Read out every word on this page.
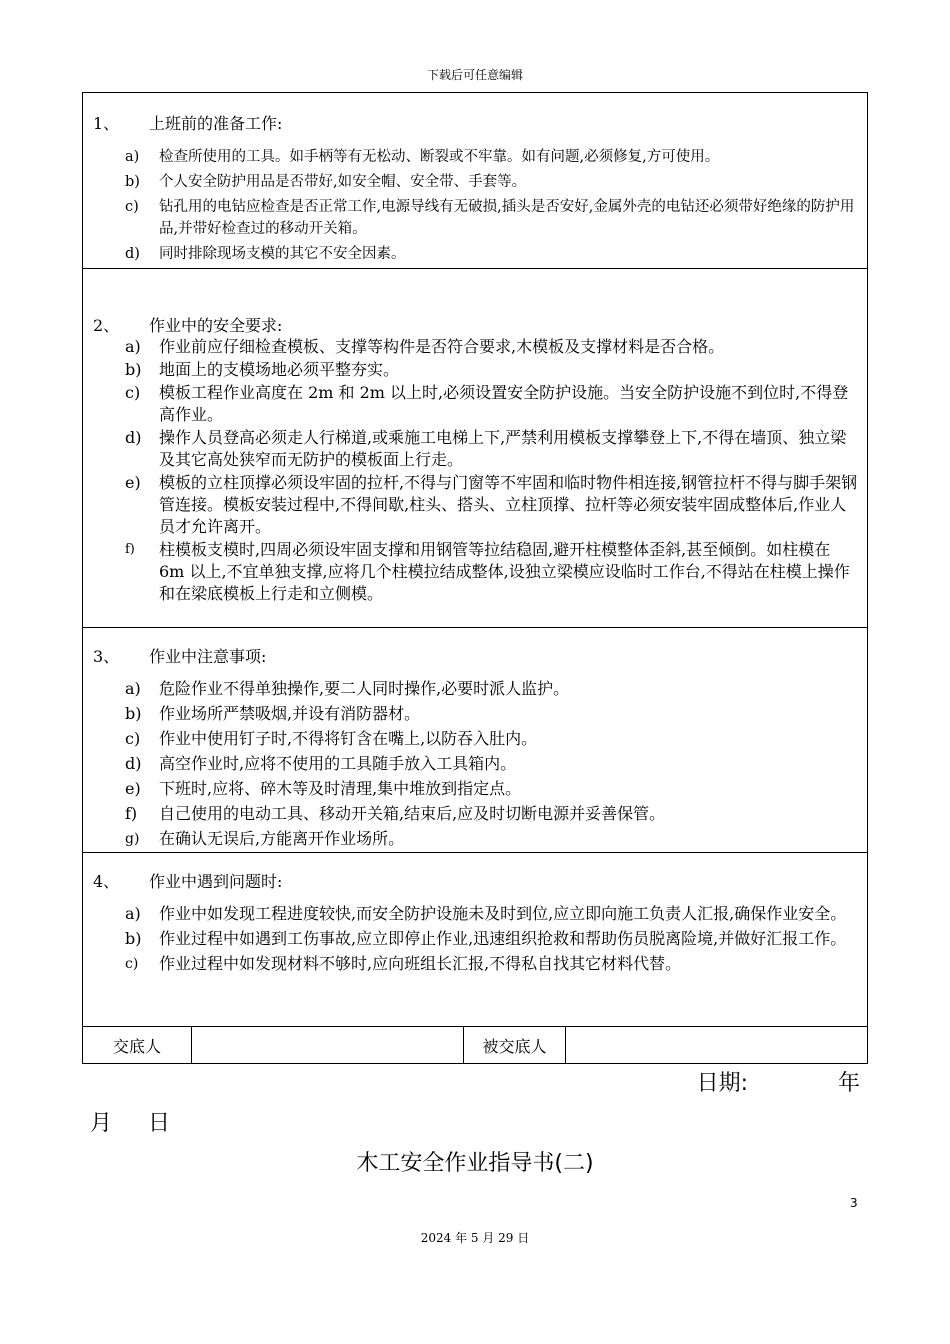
下载后可任意编辑
1、 上班前的准备工作:
a) 检查所使用的工具。如手柄等有无松动、断裂或不牢靠。如有问题,必须修复,方可使用。
b) 个人安全防护用品是否带好,如安全帽、安全带、手套等。
c) 钻孔用的电钻应检查是否正常工作,电源导线有无破损,插头是否安好,金属外壳的电钻还必须带好绝缘的防护用品,并带好检查过的移动开关箱。
d) 同时排除现场支模的其它不安全因素。
2、 作业中的安全要求:
a) 作业前应仔细检查模板、支撑等构件是否符合要求,木模板及支撑材料是否合格。
b) 地面上的支模场地必须平整夯实。
c) 模板工程作业高度在 2m 和 2m 以上时,必须设置安全防护设施。当安全防护设施不到位时,不得登高作业。
d) 操作人员登高必须走人行梯道,或乘施工电梯上下,严禁利用模板支撑攀登上下,不得在墙顶、独立梁及其它高处狭窄而无防护的模板面上行走。
e) 模板的立柱顶撑必须设牢固的拉杆,不得与门窗等不牢固和临时物件相连接,钢管拉杆不得与脚手架钢管连接。模板安装过程中,不得间歇,柱头、搭头、立柱顶撑、拉杆等必须安装牢固成整体后,作业人员才允许离开。
f) 柱模板支模时,四周必须设牢固支撑和用钢管等拉结稳固,避开柱模整体歪斜,甚至倾倒。如柱模在 6m 以上,不宜单独支撑,应将几个柱模拉结成整体,设独立梁模应设临时工作台,不得站在柱模上操作和在梁底模板上行走和立侧模。
3、 作业中注意事项:
a) 危险作业不得单独操作,要二人同时操作,必要时派人监护。
b) 作业场所严禁吸烟,并设有消防器材。
c) 作业中使用钉子时,不得将钉含在嘴上,以防吞入肚内。
d) 高空作业时,应将不使用的工具随手放入工具箱内。
e) 下班时,应将、碎木等及时清理,集中堆放到指定点。
f) 自己使用的电动工具、移动开关箱,结束后,应及时切断电源并妥善保管。
g) 在确认无误后,方能离开作业场所。
4、 作业中遇到问题时:
a) 作业中如发现工程进度较快,而安全防护设施未及时到位,应立即向施工负责人汇报,确保作业安全。
b) 作业过程中如遇到工伤事故,应立即停止作业,迅速组织抢救和帮助伤员脱离险境,并做好汇报工作。
c) 作业过程中如发现材料不够时,应向班组长汇报,不得私自找其它材料代替。
交底人	被交底人
日期:	年
月 日
木工安全作业指导书(二)
3
2024 年 5 月 29 日
